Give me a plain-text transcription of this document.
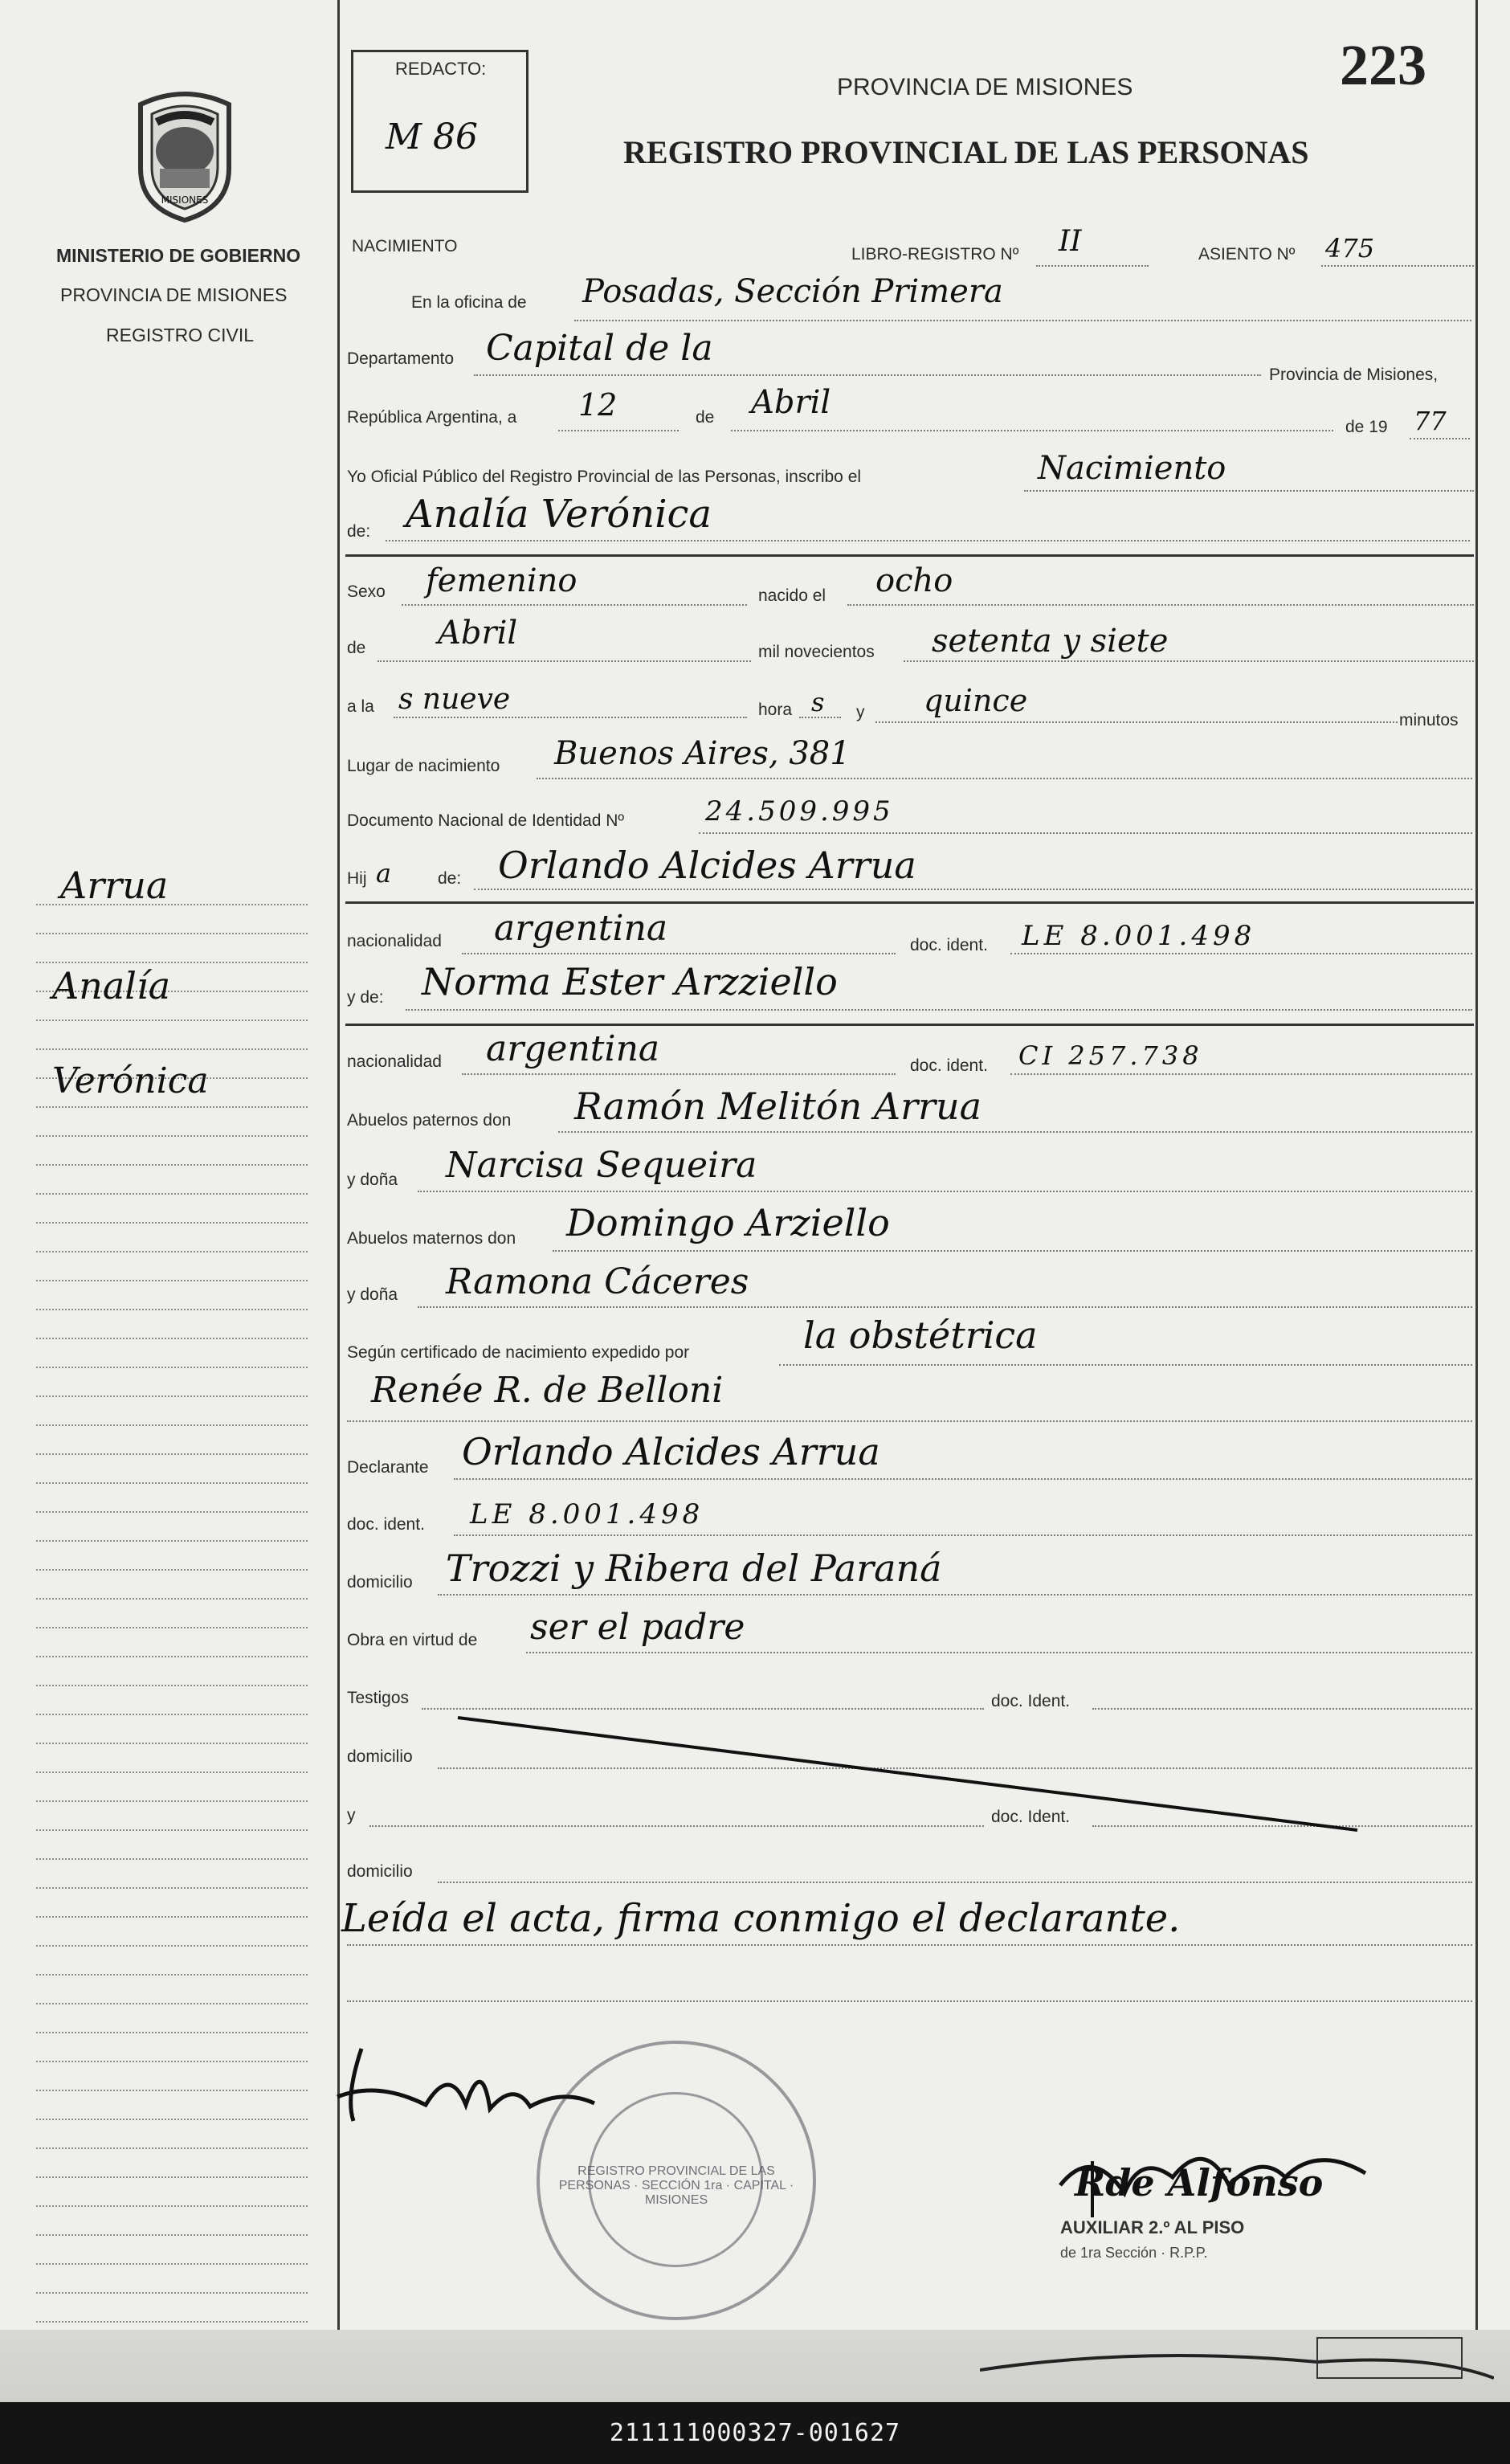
REDACTO:
M 86
PROVINCIA DE MISIONES	223
REGISTRO PROVINCIAL DE LAS PERSONAS
MISIONES
MINISTERIO DE GOBIERNO
PROVINCIA DE MISIONES
REGISTRO CIVIL
NACIMIENTO	LIBRO-REGISTRO Nº II	ASIENTO Nº 475
En la oficina de Posadas, Sección Primera
Departamento Capital de la
Provincia de Misiones,
República Argentina, a 12	de Abril
de 19 77
Yo Oficial Público del Registro Provincial de las Personas, inscribo el	Nacimiento
de: Analía Verónica
Sexo femenino	nacido el ocho
de Abril
mil novecientos setenta y siete
a la s nueve	hora s y quince
minutos
Lugar de nacimiento Buenos Aires, 381
Documento Nacional de Identidad Nº	24.509.995
Hij a	de: Orlando Alcides Arrua
nacionalidad argentina	doc. ident. LE 8.001.498
y de: Norma Ester Arzziello
nacionalidad argentina	doc. ident. CI 257.738
Abuelos paternos don Ramón Melitón Arrua
y doña Narcisa Sequeira
Abuelos maternos don Domingo Arziello
y doña Ramona Cáceres
Según certificado de nacimiento expedido por	la obstétrica
Renée R. de Belloni
Declarante Orlando Alcides Arrua
doc. ident. LE 8.001.498
domicilio Trozzi y Ribera del Paraná
Obra en virtud de ser el padre
Testigos	doc. Ident.
domicilio
y	doc. Ident.
domicilio
Leída el acta, firma conmigo el declarante.
REGISTRO PROVINCIAL DE LAS PERSONAS · SECCIÓN 1ra · CAPITAL · MISIONES	Rde Alfonso
AUXILIAR 2.º AL PISO
de 1ra Sección · R.P.P.
Arrua
Analía
Verónica
211111000327-001627
